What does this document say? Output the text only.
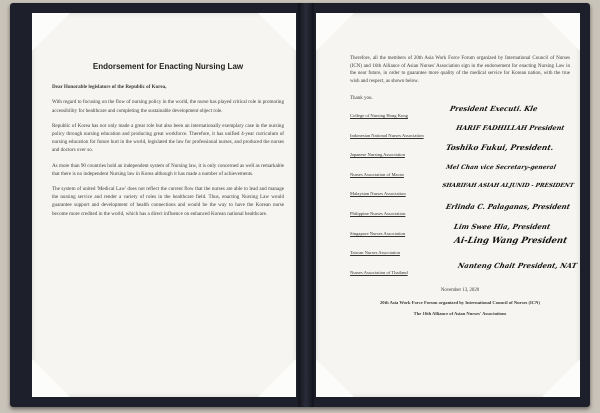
Endorsement for Enacting Nursing Law
Dear Honorable legislators of the Republic of Korea,

With regard to focusing on the flow of nursing policy in the world, the nurse has played critical role in promoting accessibility for healthcare and completing the sustainable development object role.

Republic of Korea has not only made a great role but also been an internationally exemplary case in the nursing policy through nursing education and producing great workforce. Therefore, it has unified 4-year curriculum of nursing education for future hurt in the world, legislated the law for professional nurses, and produced the nurses and doctors over so.

As more than 90 countries hold an independent system of Nursing law, it is only concerned as well as remarkable that there is no independent Nursing law in Korea although it has made a number of achievements.

The system of united 'Medical Law' does not reflect the current flow that the nurses are able to lead and manage the nursing service and render a variety of roles in the healthcare field. Thus, enacting Nursing Law would guarantee support and development of health connections and would be the way to have the Korean nurse become more credited in the world, which has a direct influence on enhanced Korean national healthcare.

Therefore, all the members of 20th Asia Work Force Forum organized by International Council of Nurses (ICN) and 16th Alliance of Asian Nurses' Association sign in the endorsement for enacting Nursing Law in the near future, in order to guarantee more quality of the medical service for Korean nation, with the true wish and respect, as shown below.

Thank you.
College of Nursing Hong Kong
President Executi. Kle
Indonesian National Nurses Association
HARIF FADHILLAH President
Japanese Nursing Association
Toshiko Fukui, President.
Nurses Association of Macao
Mel Chan vice Secretary-general
Malaysian Nurses Association
SHARIFAH ASIAH ALJUNID - PRESIDENT
Philippine Nurses Association
Erlinda C. Palaganas, President
Singapore Nurses Association
Lim Swee Hia, President
Taiwan Nurses Association
Ai-Ling Wang President
Nurses Association of Thailand
Nanteng Chait President, NAT
November 13, 2020
20th Asia Work Force Forum organized by International Council of Nurses (ICN)
The 16th Alliance of Asian Nurses' Associations
